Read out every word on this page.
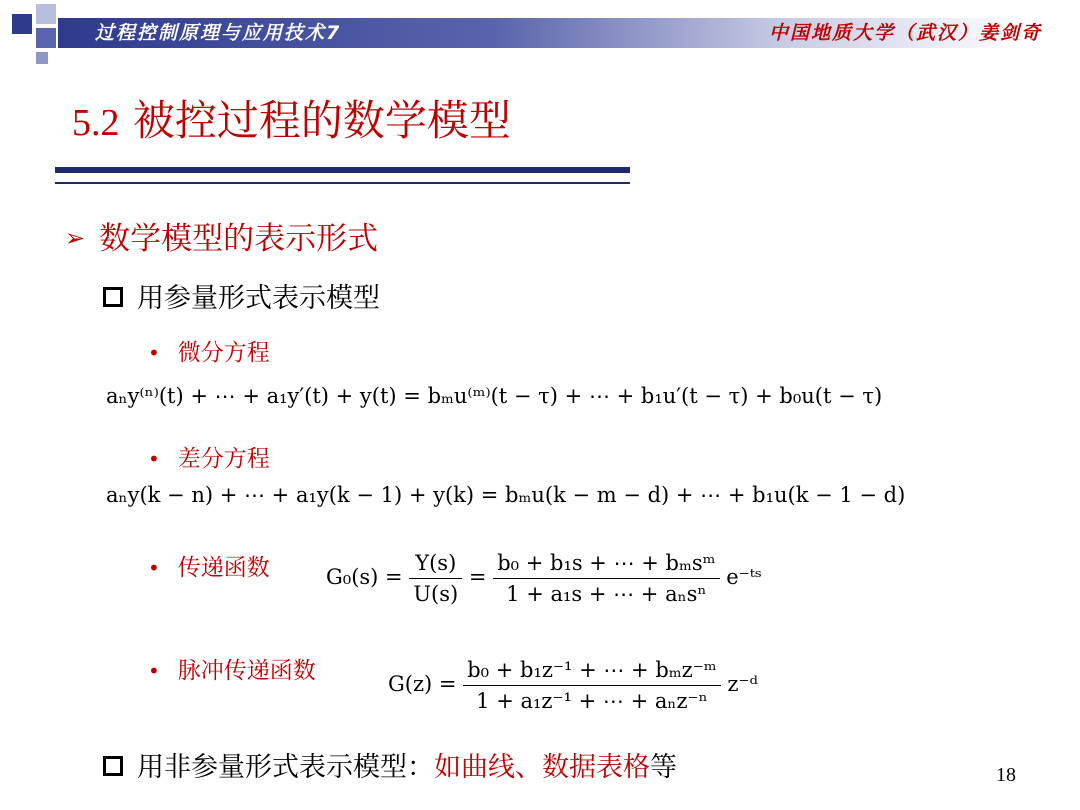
过程控制原理与应用技术7	中国地质大学（武汉）姜剑奇
5.2 被控过程的数学模型
➢ 数学模型的表示形式
用参量形式表示模型
• 微分方程
aₙy⁽ⁿ⁾(t) + ⋯ + a₁y′(t) + y(t) = bₘu⁽ᵐ⁾(t − τ) + ⋯ + b₁u′(t − τ) + b₀u(t − τ)
• 差分方程
aₙy(k − n) + ⋯ + a₁y(k − 1) + y(k) = bₘu(k − m − d) + ⋯ + b₁u(k − 1 − d)
• 传递函数	$G_0(s) = \frac{Y(s)}{U(s)} = \frac{\text{b₀ + b₁s + ⋯ + bₘsᵐ}}{\text{1 + a₁s + ⋯ + aₙsⁿ}}$ e⁻ᵗˢ
• 脉冲传递函数	$G(z) = \frac{\text{b₀ + b₁z⁻¹ + ⋯ + bₘz⁻ᵐ}}{\text{1 + a₁z⁻¹ + ⋯ + aₙz⁻ⁿ}}$ z⁻ᵈ
用非参量形式表示模型：如曲线、数据表格等	18
